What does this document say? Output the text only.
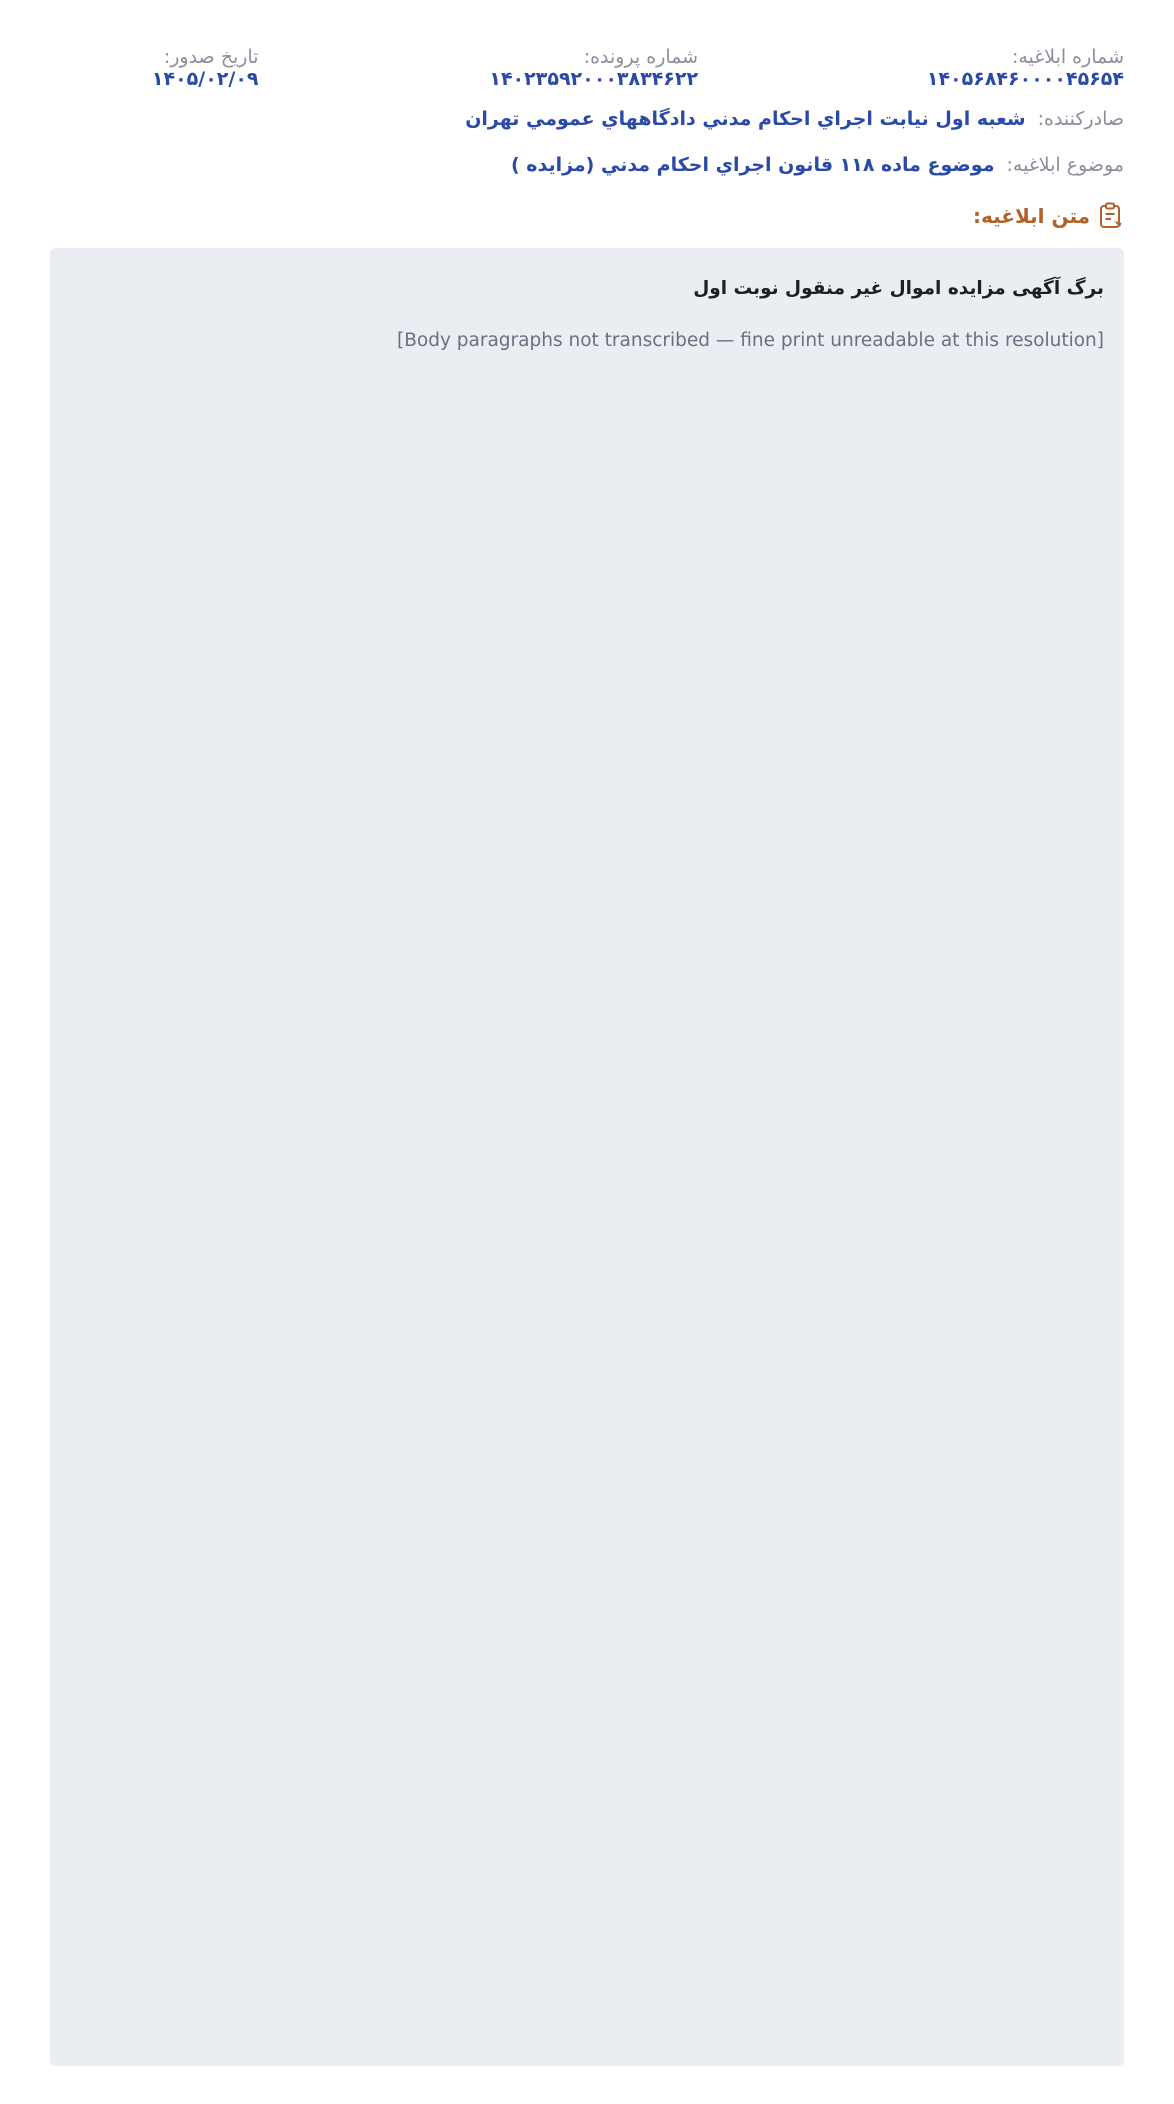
شماره ابلاغیه: ۱۴۰۵۶۸۴۶۰۰۰۰۴۵۶۵۴
شماره پرونده: ۱۴۰۲۳۵۹۲۰۰۰۳۸۳۴۶۲۲
تاریخ صدور: ۱۴۰۵/۰۲/۰۹
صادرکننده: شعبه اول نیابت اجراي احکام مدني دادگاههاي عمومي تهران
موضوع ابلاغیه: موضوع ماده ۱۱۸ قانون اجراي احکام مدني (مزايده )
متن ابلاغیه:

برگ آگهی مزایده اموال غیر منقول نوبت اول

[Body paragraphs not transcribed — fine print unreadable at this resolution]
